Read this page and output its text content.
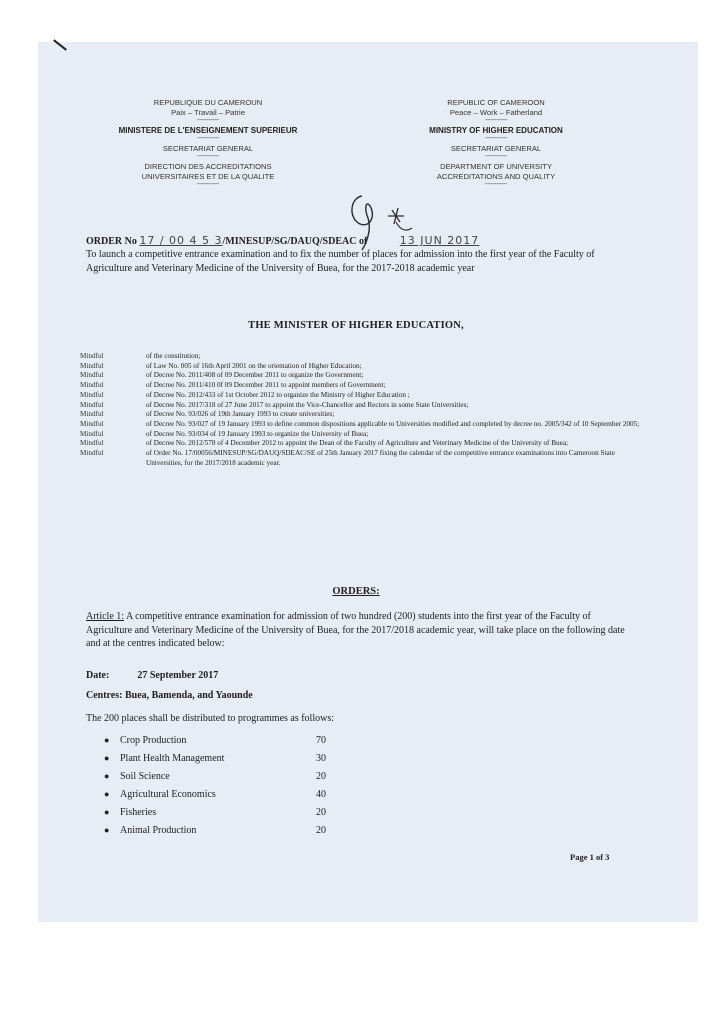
REPUBLIQUE DU CAMEROUN
Paix – Travail – Patrie
------------
MINISTERE DE L'ENSEIGNEMENT SUPERIEUR
------------
SECRETARIAT GENERAL
------------
DIRECTION DES ACCREDITATIONS
UNIVERSITAIRES ET DE LA QUALITE
------------
REPUBLIC OF CAMEROON
Peace – Work – Fatherland
------------
MINISTRY OF HIGHER EDUCATION
------------
SECRETARIAT GENERAL
------------
DEPARTMENT OF UNIVERSITY
ACCREDITATIONS AND QUALITY
------------
ORDER No 17 / 00 4 5 3/MINESUP/SG/DAUQ/SDEAC of	13 JUN 2017
To launch a competitive entrance examination and to fix the number of places for admission into the first year of the Faculty of Agriculture and Veterinary Medicine of the University of Buea, for the 2017-2018 academic year
THE MINISTER OF HIGHER EDUCATION,
Mindful	of the constitution;
Mindful	of Law No. 005 of 16th April 2001 on the orientation of Higher Education;
Mindful	of Decree No. 2011/408 of 09 December 2011 to organize the Government;
Mindful	of Decree No. 2011/410 0f 09 December 2011 to appoint members of Government;
Mindful	of Decree No. 2012/433 of 1st October 2012 to organize the Ministry of Higher Education ;
Mindful	of Decree No. 2017/318 of 27 June 2017 to appoint the Vice-Chancellor and Rectors in some State Universities;
Mindful	of Decree No. 93/026 of 19th January 1993 to create universities;
Mindful	of Decree No. 93/027 of 19 January 1993 to define common dispositions applicable to Universities modified and completed by decree no. 2005/342 of 10 September 2005;
Mindful	of Decree No. 93/034 of 19 January 1993 to organize the University of Buea;
Mindful	of Decree No. 2012/578 of 4 December 2012 to appoint the Dean of the Faculty of Agriculture and Veterinary Medicine of the University of Buea;
Mindful	of Order No. 17/00056/MINESUP/SG/DAUQ/SDEAC/SE of 25th January 2017 fixing the calendar of the competitive entrance examinations into Cameroon State Universities, for the 2017/2018 academic year.
ORDERS:
Article 1: A competitive entrance examination for admission of two hundred (200) students into the first year of the Faculty of Agriculture and Veterinary Medicine of the University of Buea, for the 2017/2018 academic year, will take place on the following date and at the centres indicated below:
Date:	27 September 2017
Centres: Buea, Bamenda, and Yaounde
The 200 places shall be distributed to programmes as follows:
●	Crop Production	70
●	Plant Health Management	30
●	Soil Science	20
●	Agricultural Economics	40
●	Fisheries	20
●	Animal Production	20
Page 1 of 3
